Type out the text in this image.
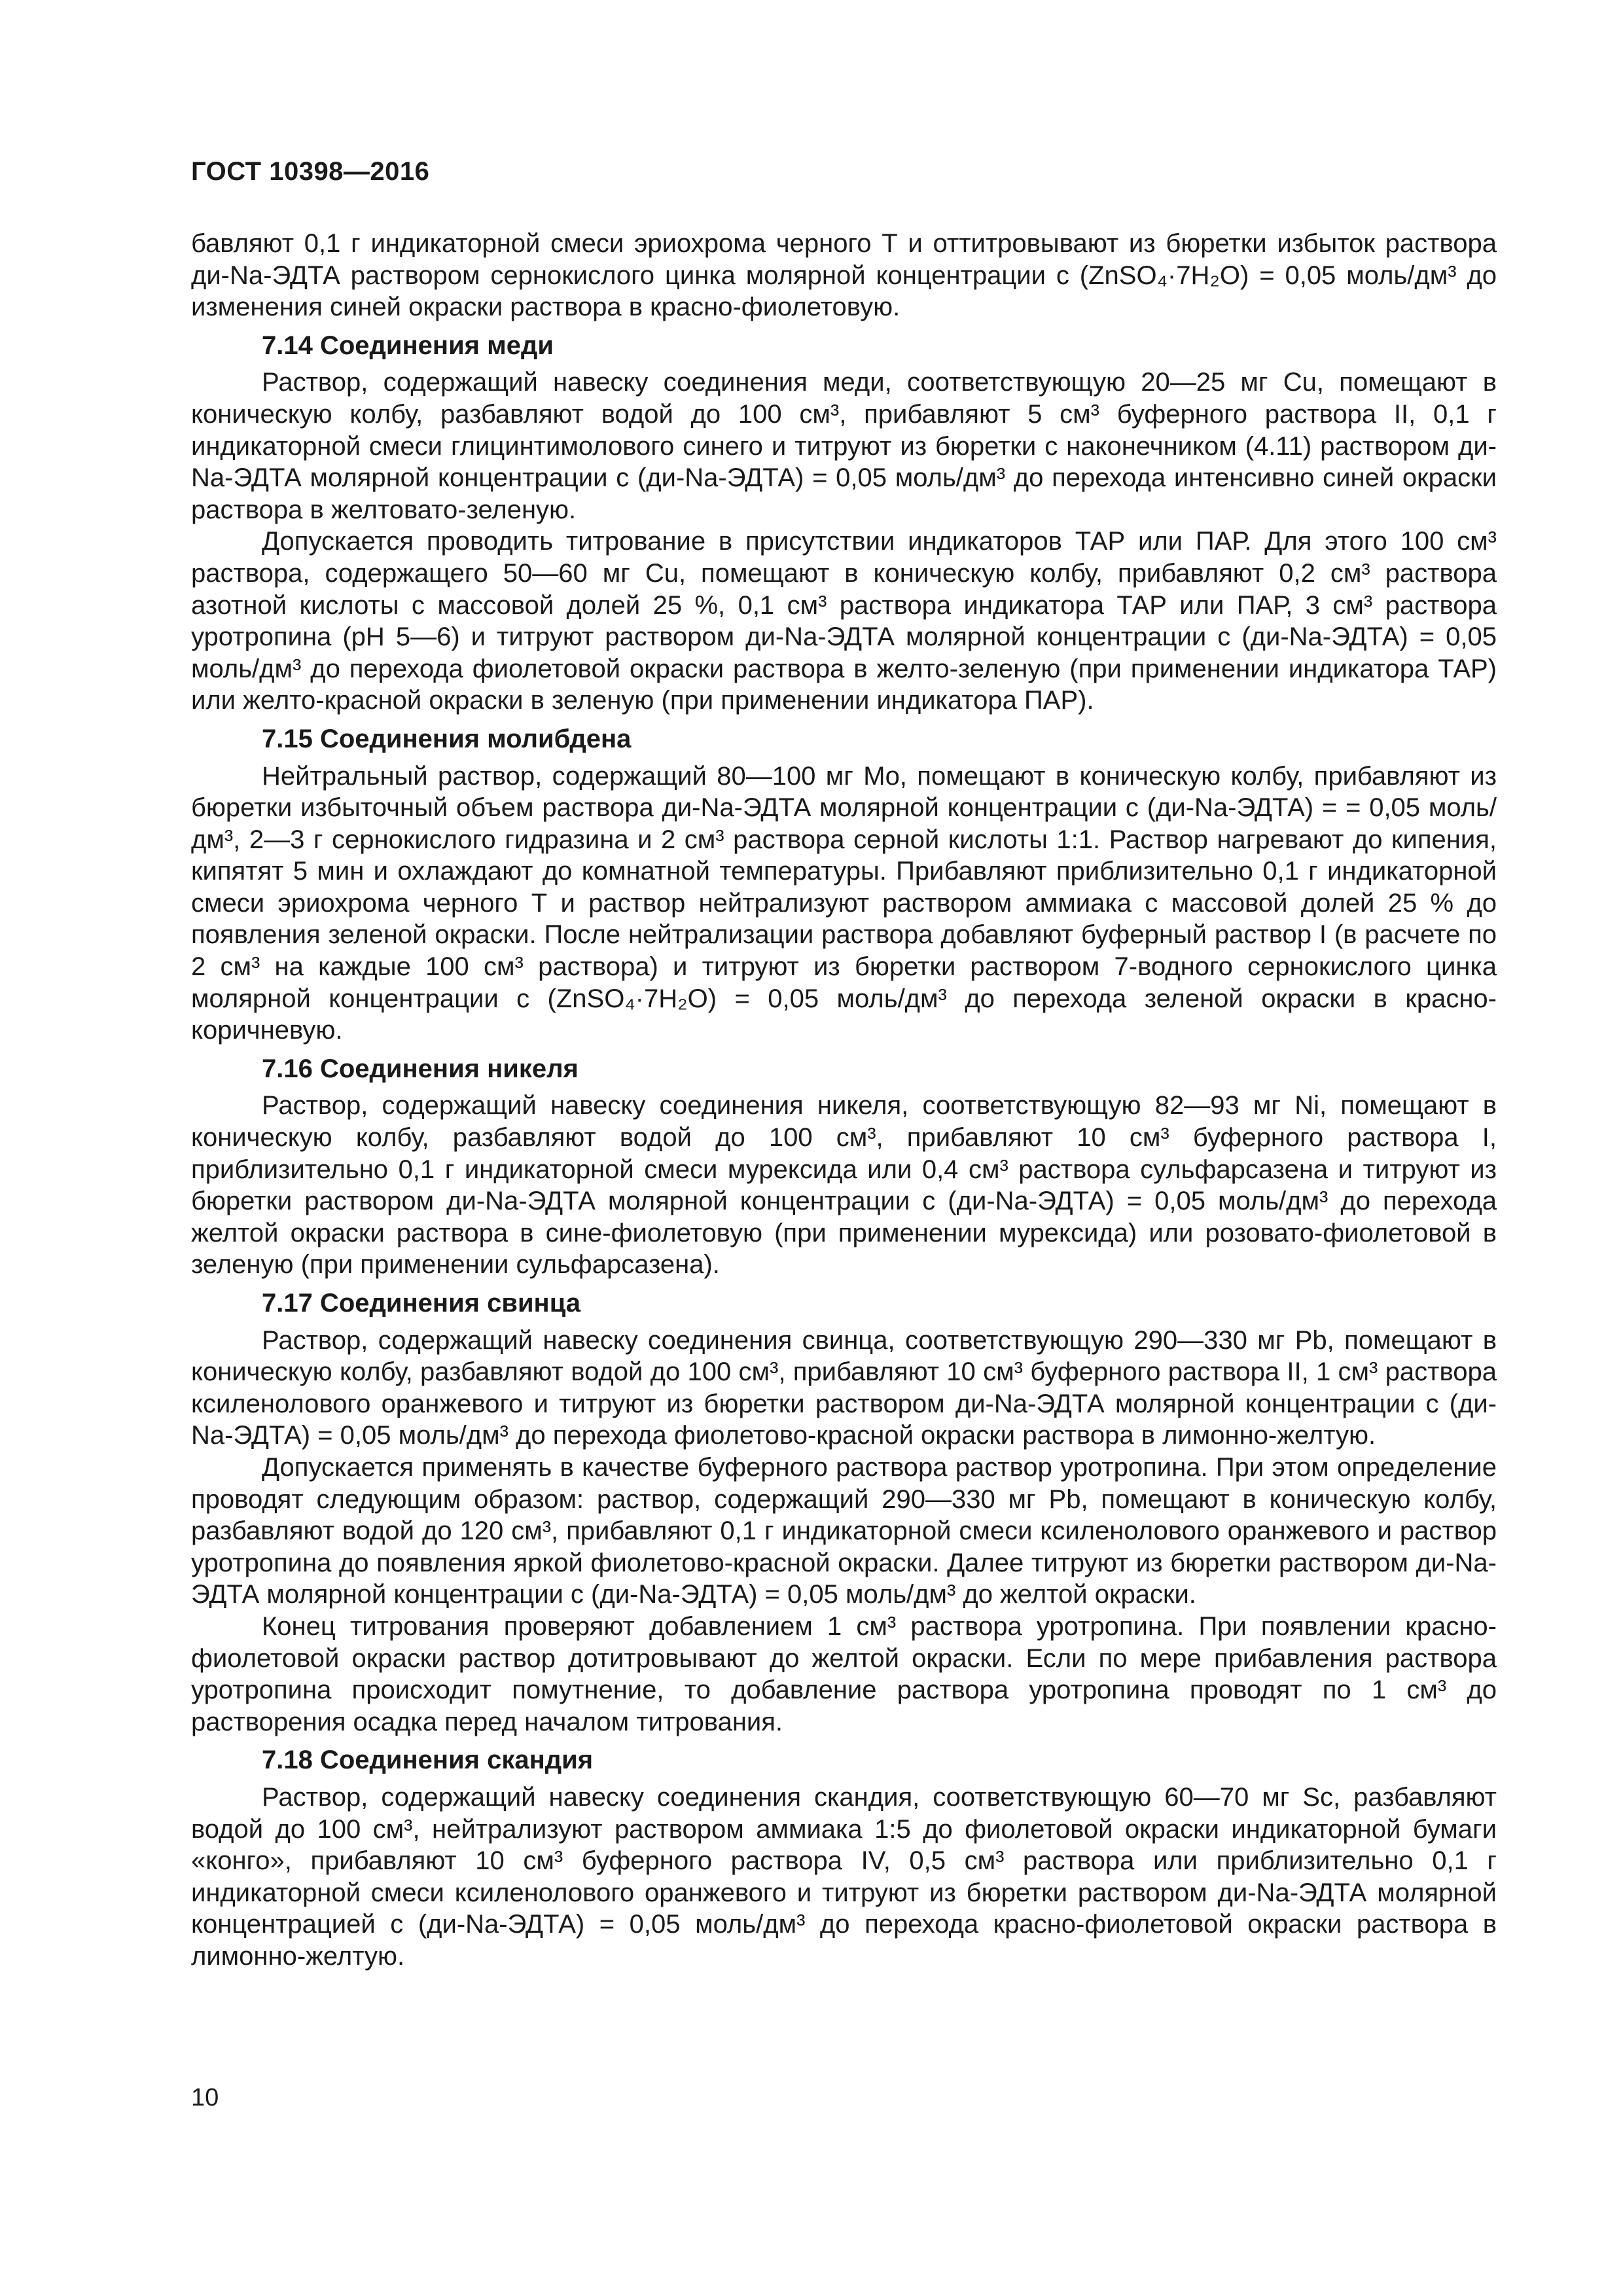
ГОСТ 10398—2016

бавляют 0,1 г индикаторной смеси эриохрома черного Т и оттитровывают из бюретки избыток раствора ди-Na-ЭДТА раствором сернокислого цинка молярной концентрации c (ZnSO₄·7H₂O) = 0,05 моль/дм³ до изменения синей окраски раствора в красно-фиолетовую.

7.14 Соединения меди

Раствор, содержащий навеску соединения меди, соответствующую 20—25 мг Cu, помещают в коническую колбу, разбавляют водой до 100 см³, прибавляют 5 см³ буферного раствора II, 0,1 г индикаторной смеси глицинтимолового синего и титруют из бюретки с наконечником (4.11) раствором ди-Na-ЭДТА молярной концентрации c (ди-Na-ЭДТА) = 0,05 моль/дм³ до перехода интенсивно синей окраски раствора в желтовато-зеленую.

Допускается проводить титрование в присутствии индикаторов ТАР или ПАР. Для этого 100 см³ раствора, содержащего 50—60 мг Cu, помещают в коническую колбу, прибавляют 0,2 см³ раствора азотной кислоты с массовой долей 25 %, 0,1 см³ раствора индикатора ТАР или ПАР, 3 см³ раствора уротропина (pH 5—6) и титруют раствором ди-Na-ЭДТА молярной концентрации c (ди-Na-ЭДТА) = 0,05 моль/дм³ до перехода фиолетовой окраски раствора в желто-зеленую (при применении индикатора ТАР) или желто-красной окраски в зеленую (при применении индикатора ПАР).

7.15 Соединения молибдена

Нейтральный раствор, содержащий 80—100 мг Mo, помещают в коническую колбу, прибавляют из бюретки избыточный объем раствора ди-Na-ЭДТА молярной концентрации c (ди-Na-ЭДТА) = = 0,05 моль/дм³, 2—3 г сернокислого гидразина и 2 см³ раствора серной кислоты 1:1. Раствор нагревают до кипения, кипятят 5 мин и охлаждают до комнатной температуры. Прибавляют приблизительно 0,1 г индикаторной смеси эриохрома черного Т и раствор нейтрализуют раствором аммиака с массовой долей 25 % до появления зеленой окраски. После нейтрализации раствора добавляют буферный раствор I (в расчете по 2 см³ на каждые 100 см³ раствора) и титруют из бюретки раствором 7-водного сернокислого цинка молярной концентрации c (ZnSO₄·7H₂O) = 0,05 моль/дм³ до перехода зеленой окраски в красно-коричневую.

7.16 Соединения никеля

Раствор, содержащий навеску соединения никеля, соответствующую 82—93 мг Ni, помещают в коническую колбу, разбавляют водой до 100 см³, прибавляют 10 см³ буферного раствора I, приблизительно 0,1 г индикаторной смеси мурексида или 0,4 см³ раствора сульфарсазена и титруют из бюретки раствором ди-Na-ЭДТА молярной концентрации c (ди-Na-ЭДТА) = 0,05 моль/дм³ до перехода желтой окраски раствора в сине-фиолетовую (при применении мурексида) или розовато-фиолетовой в зеленую (при применении сульфарсазена).

7.17 Соединения свинца

Раствор, содержащий навеску соединения свинца, соответствующую 290—330 мг Pb, помещают в коническую колбу, разбавляют водой до 100 см³, прибавляют 10 см³ буферного раствора II, 1 см³ раствора ксиленолового оранжевого и титруют из бюретки раствором ди-Na-ЭДТА молярной концентрации c (ди-Na-ЭДТА) = 0,05 моль/дм³ до перехода фиолетово-красной окраски раствора в лимонно-желтую.

Допускается применять в качестве буферного раствора раствор уротропина. При этом определение проводят следующим образом: раствор, содержащий 290—330 мг Pb, помещают в коническую колбу, разбавляют водой до 120 см³, прибавляют 0,1 г индикаторной смеси ксиленолового оранжевого и раствор уротропина до появления яркой фиолетово-красной окраски. Далее титруют из бюретки раствором ди-Na-ЭДТА молярной концентрации c (ди-Na-ЭДТА) = 0,05 моль/дм³ до желтой окраски.

Конец титрования проверяют добавлением 1 см³ раствора уротропина. При появлении красно-фиолетовой окраски раствор дотитровывают до желтой окраски. Если по мере прибавления раствора уротропина происходит помутнение, то добавление раствора уротропина проводят по 1 см³ до растворения осадка перед началом титрования.

7.18 Соединения скандия

Раствор, содержащий навеску соединения скандия, соответствующую 60—70 мг Sc, разбавляют водой до 100 см³, нейтрализуют раствором аммиака 1:5 до фиолетовой окраски индикаторной бумаги «конго», прибавляют 10 см³ буферного раствора IV, 0,5 см³ раствора или приблизительно 0,1 г индикаторной смеси ксиленолового оранжевого и титруют из бюретки раствором ди-Na-ЭДТА молярной концентрацией c (ди-Na-ЭДТА) = 0,05 моль/дм³ до перехода красно-фиолетовой окраски раствора в лимонно-желтую.

10
